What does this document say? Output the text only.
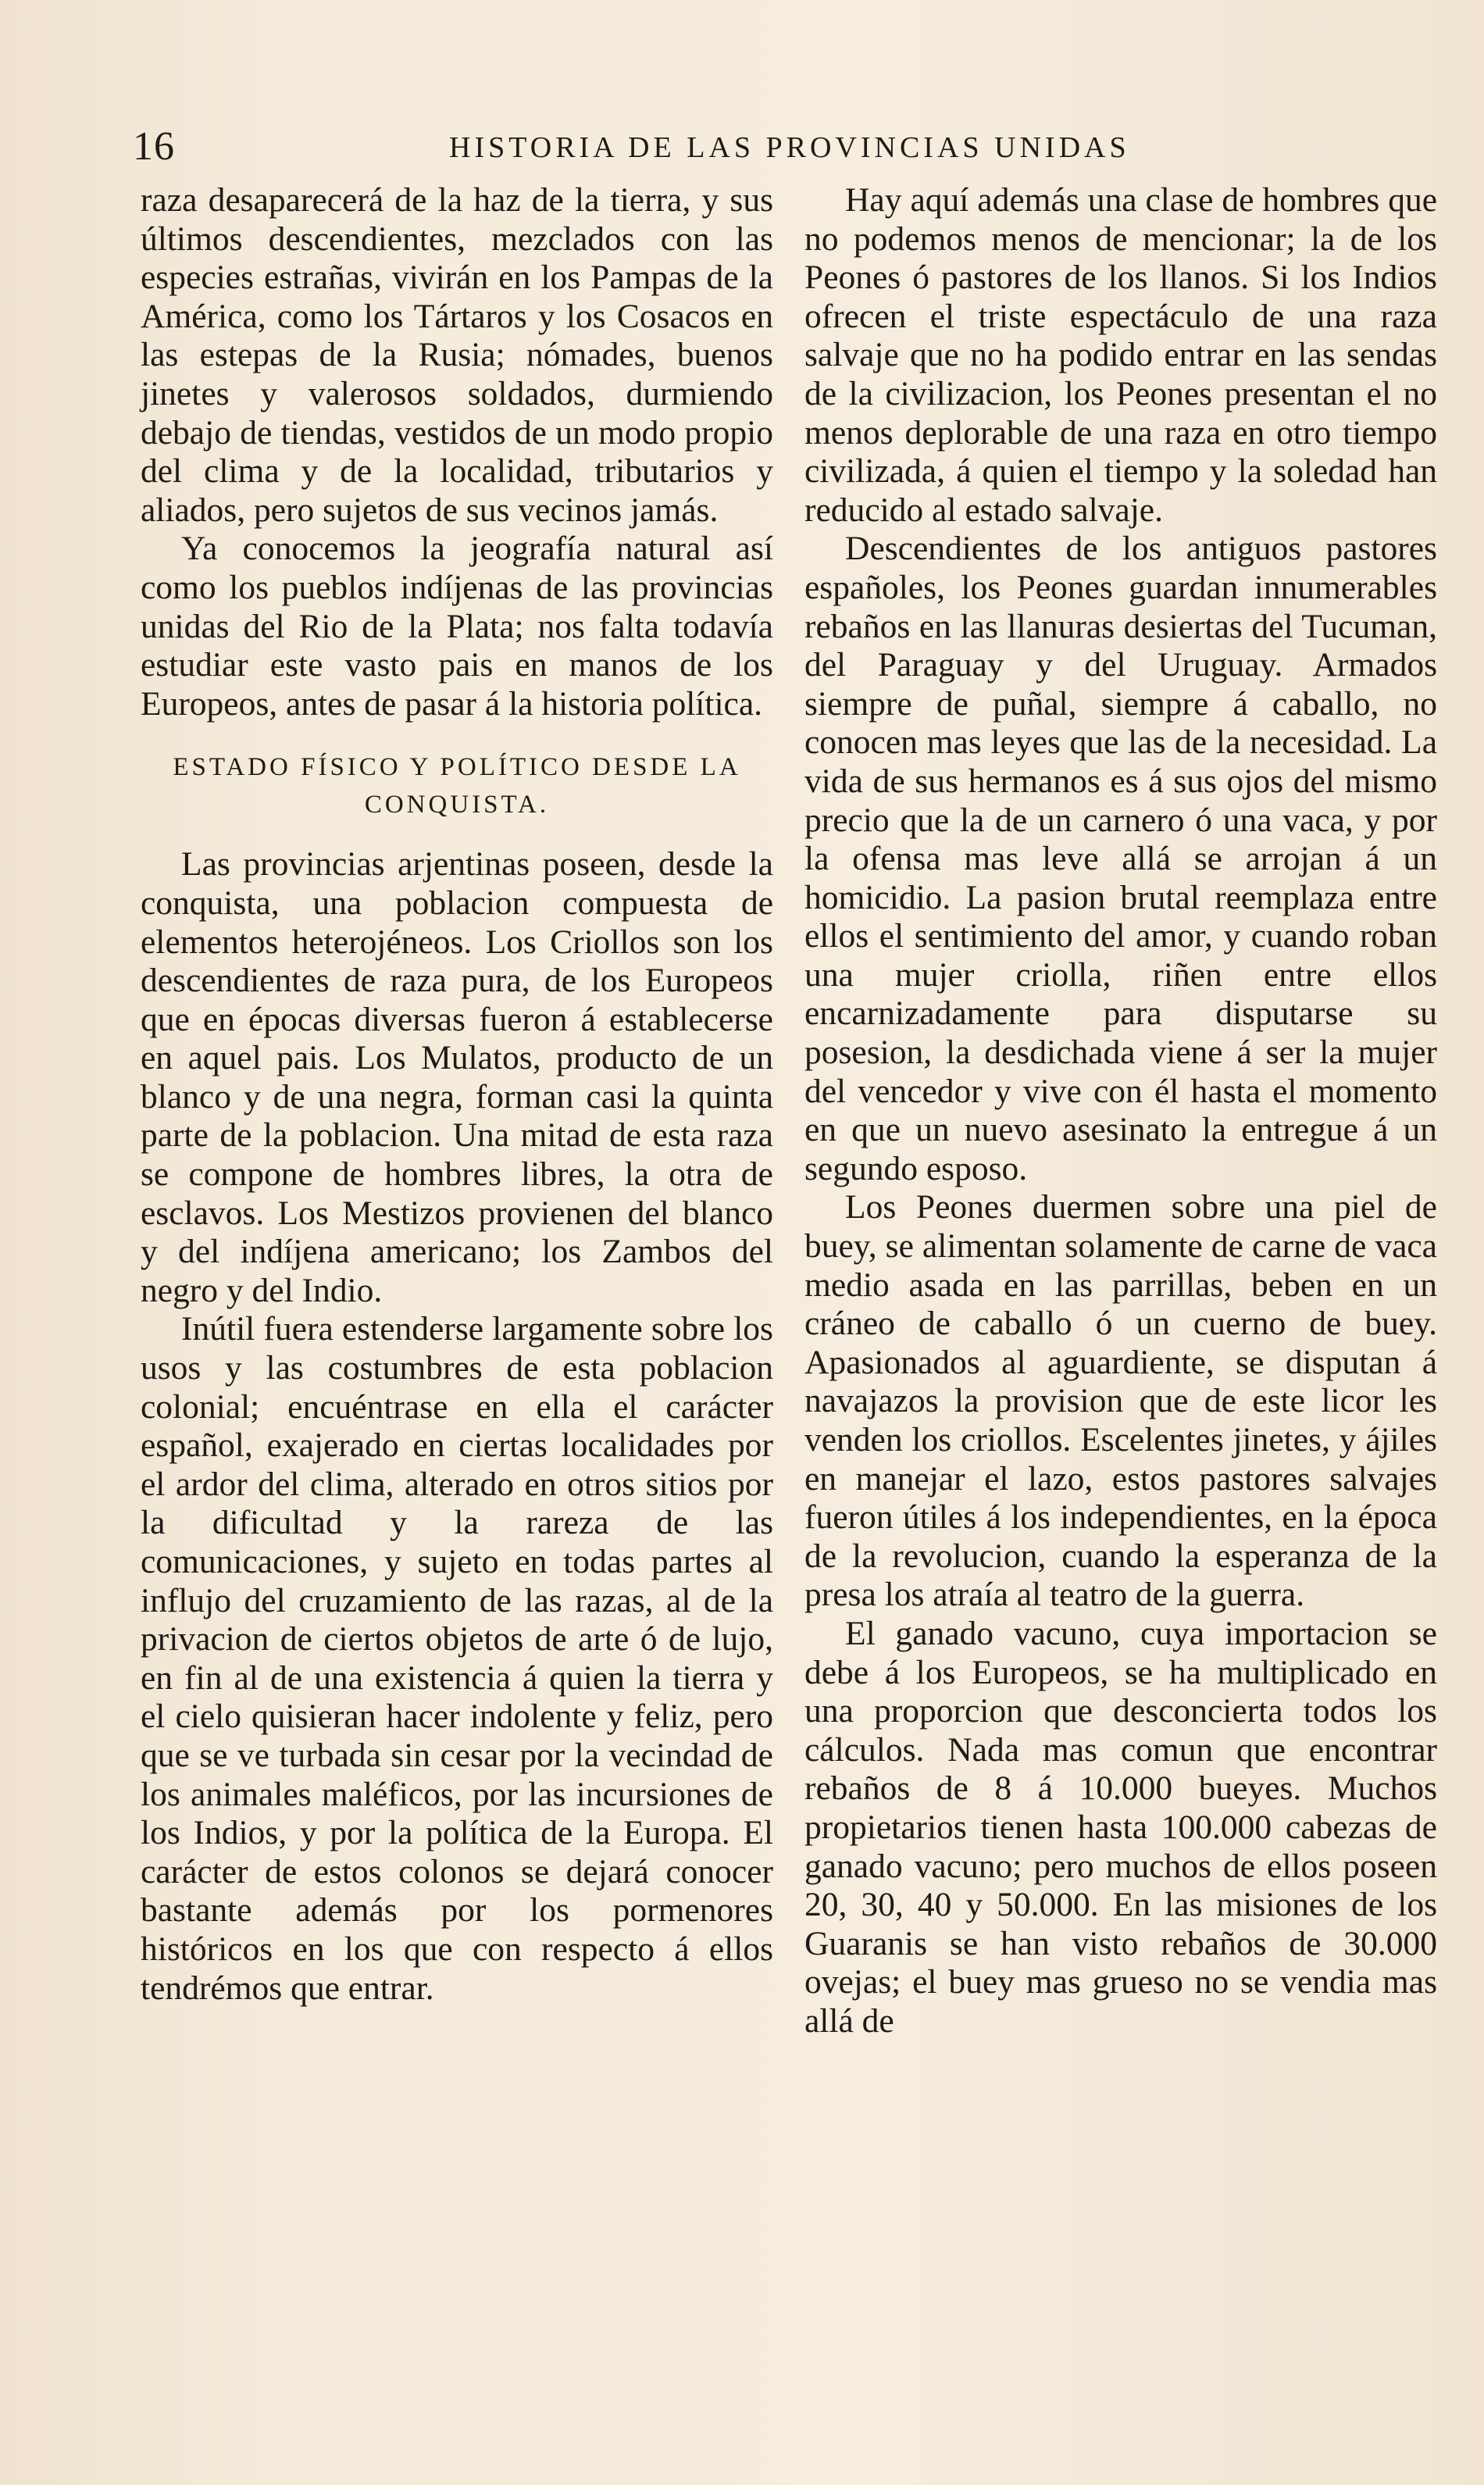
16	HISTORIA DE LAS PROVINCIAS UNIDAS

raza desaparecerá de la haz de la tierra, y sus últimos descendientes, mezclados con las especies estrañas, vivirán en los Pampas de la América, como los Tártaros y los Cosacos en las estepas de la Rusia; nómades, buenos jinetes y valerosos soldados, durmiendo debajo de tiendas, vestidos de un modo propio del clima y de la localidad, tributarios y aliados, pero sujetos de sus vecinos jamás.

Ya conocemos la jeografía natural así como los pueblos indíjenas de las provincias unidas del Rio de la Plata; nos falta todavía estudiar este vasto pais en manos de los Europeos, antes de pasar á la historia política.

ESTADO FÍSICO Y POLÍTICO DESDE LA
CONQUISTA.

Las provincias arjentinas poseen, desde la conquista, una poblacion compuesta de elementos heterojéneos. Los Criollos son los descendientes de raza pura, de los Europeos que en épocas diversas fueron á establecerse en aquel pais. Los Mulatos, producto de un blanco y de una negra, forman casi la quinta parte de la poblacion. Una mitad de esta raza se compone de hombres libres, la otra de esclavos. Los Mestizos provienen del blanco y del indíjena americano; los Zambos del negro y del Indio.

Inútil fuera estenderse largamente sobre los usos y las costumbres de esta poblacion colonial; encuéntrase en ella el carácter español, exajerado en ciertas localidades por el ardor del clima, alterado en otros sitios por la dificultad y la rareza de las comunicaciones, y sujeto en todas partes al influjo del cruzamiento de las razas, al de la privacion de ciertos objetos de arte ó de lujo, en fin al de una existencia á quien la tierra y el cielo quisieran hacer indolente y feliz, pero que se ve turbada sin cesar por la vecindad de los animales maléficos, por las incursiones de los Indios, y por la política de la Europa. El carácter de estos colonos se dejará conocer bastante además por los pormenores históricos en los que con respecto á ellos tendrémos que entrar.

Hay aquí además una clase de hombres que no podemos menos de mencionar; la de los Peones ó pastores de los llanos. Si los Indios ofrecen el triste espectáculo de una raza salvaje que no ha podido entrar en las sendas de la civilizacion, los Peones presentan el no menos deplorable de una raza en otro tiempo civilizada, á quien el tiempo y la soledad han reducido al estado salvaje.

Descendientes de los antiguos pastores españoles, los Peones guardan innumerables rebaños en las llanuras desiertas del Tucuman, del Paraguay y del Uruguay. Armados siempre de puñal, siempre á caballo, no conocen mas leyes que las de la necesidad. La vida de sus hermanos es á sus ojos del mismo precio que la de un carnero ó una vaca, y por la ofensa mas leve allá se arrojan á un homicidio. La pasion brutal reemplaza entre ellos el sentimiento del amor, y cuando roban una mujer criolla, riñen entre ellos encarnizadamente para disputarse su posesion, la desdichada viene á ser la mujer del vencedor y vive con él hasta el momento en que un nuevo asesinato la entregue á un segundo esposo.

Los Peones duermen sobre una piel de buey, se alimentan solamente de carne de vaca medio asada en las parrillas, beben en un cráneo de caballo ó un cuerno de buey. Apasionados al aguardiente, se disputan á navajazos la provision que de este licor les venden los criollos. Escelentes jinetes, y ájiles en manejar el lazo, estos pastores salvajes fueron útiles á los independientes, en la época de la revolucion, cuando la esperanza de la presa los atraía al teatro de la guerra.

El ganado vacuno, cuya importacion se debe á los Europeos, se ha multiplicado en una proporcion que desconcierta todos los cálculos. Nada mas comun que encontrar rebaños de 8 á 10.000 bueyes. Muchos propietarios tienen hasta 100.000 cabezas de ganado vacuno; pero muchos de ellos poseen 20, 30, 40 y 50.000. En las misiones de los Guaranis se han visto rebaños de 30.000 ovejas; el buey mas grueso no se vendia mas allá de
